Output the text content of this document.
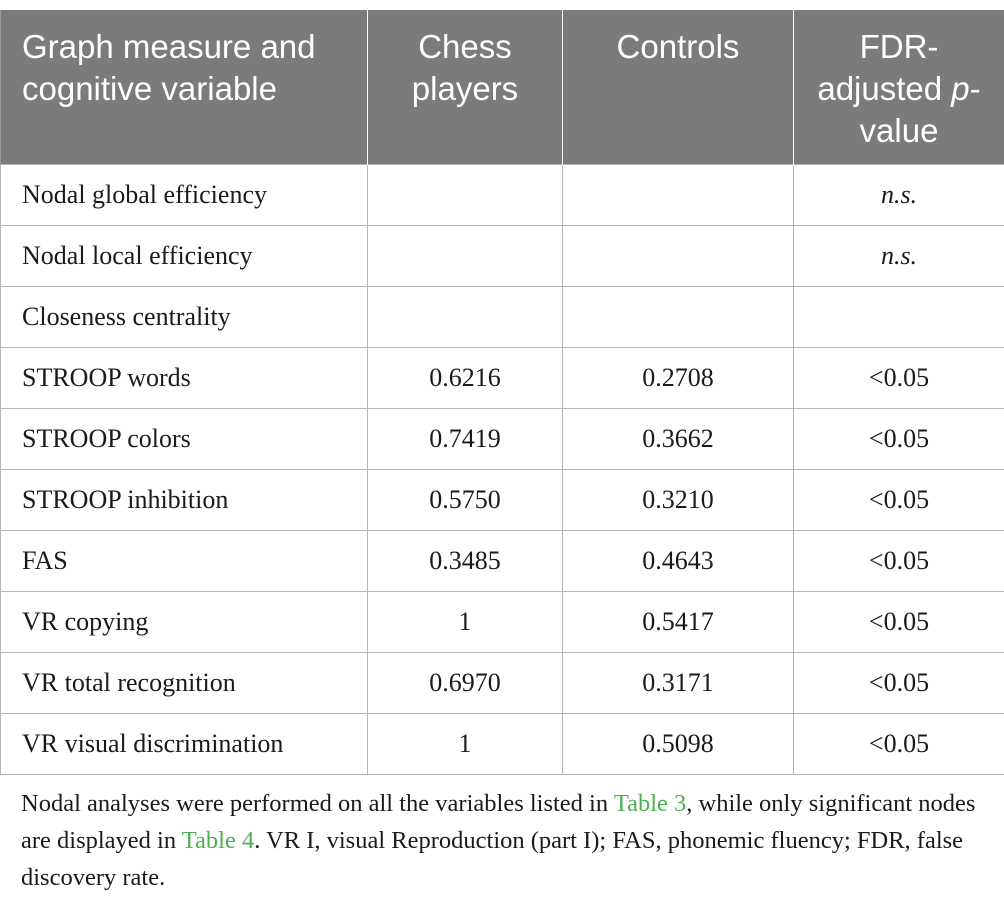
Graph measure and cognitive variable	Chess players	Controls	FDR-adjusted p-value
Nodal global efficiency			n.s.
Nodal local efficiency			n.s.
Closeness centrality			
STROOP words	0.6216	0.2708	<0.05
STROOP colors	0.7419	0.3662	<0.05
STROOP inhibition	0.5750	0.3210	<0.05
FAS	0.3485	0.4643	<0.05
VR copying	1	0.5417	<0.05
VR total recognition	0.6970	0.3171	<0.05
VR visual discrimination	1	0.5098	<0.05
Nodal analyses were performed on all the variables listed in Table 3, while only significant nodes are displayed in Table 4. VR I, visual Reproduction (part I); FAS, phonemic fluency; FDR, false discovery rate.
